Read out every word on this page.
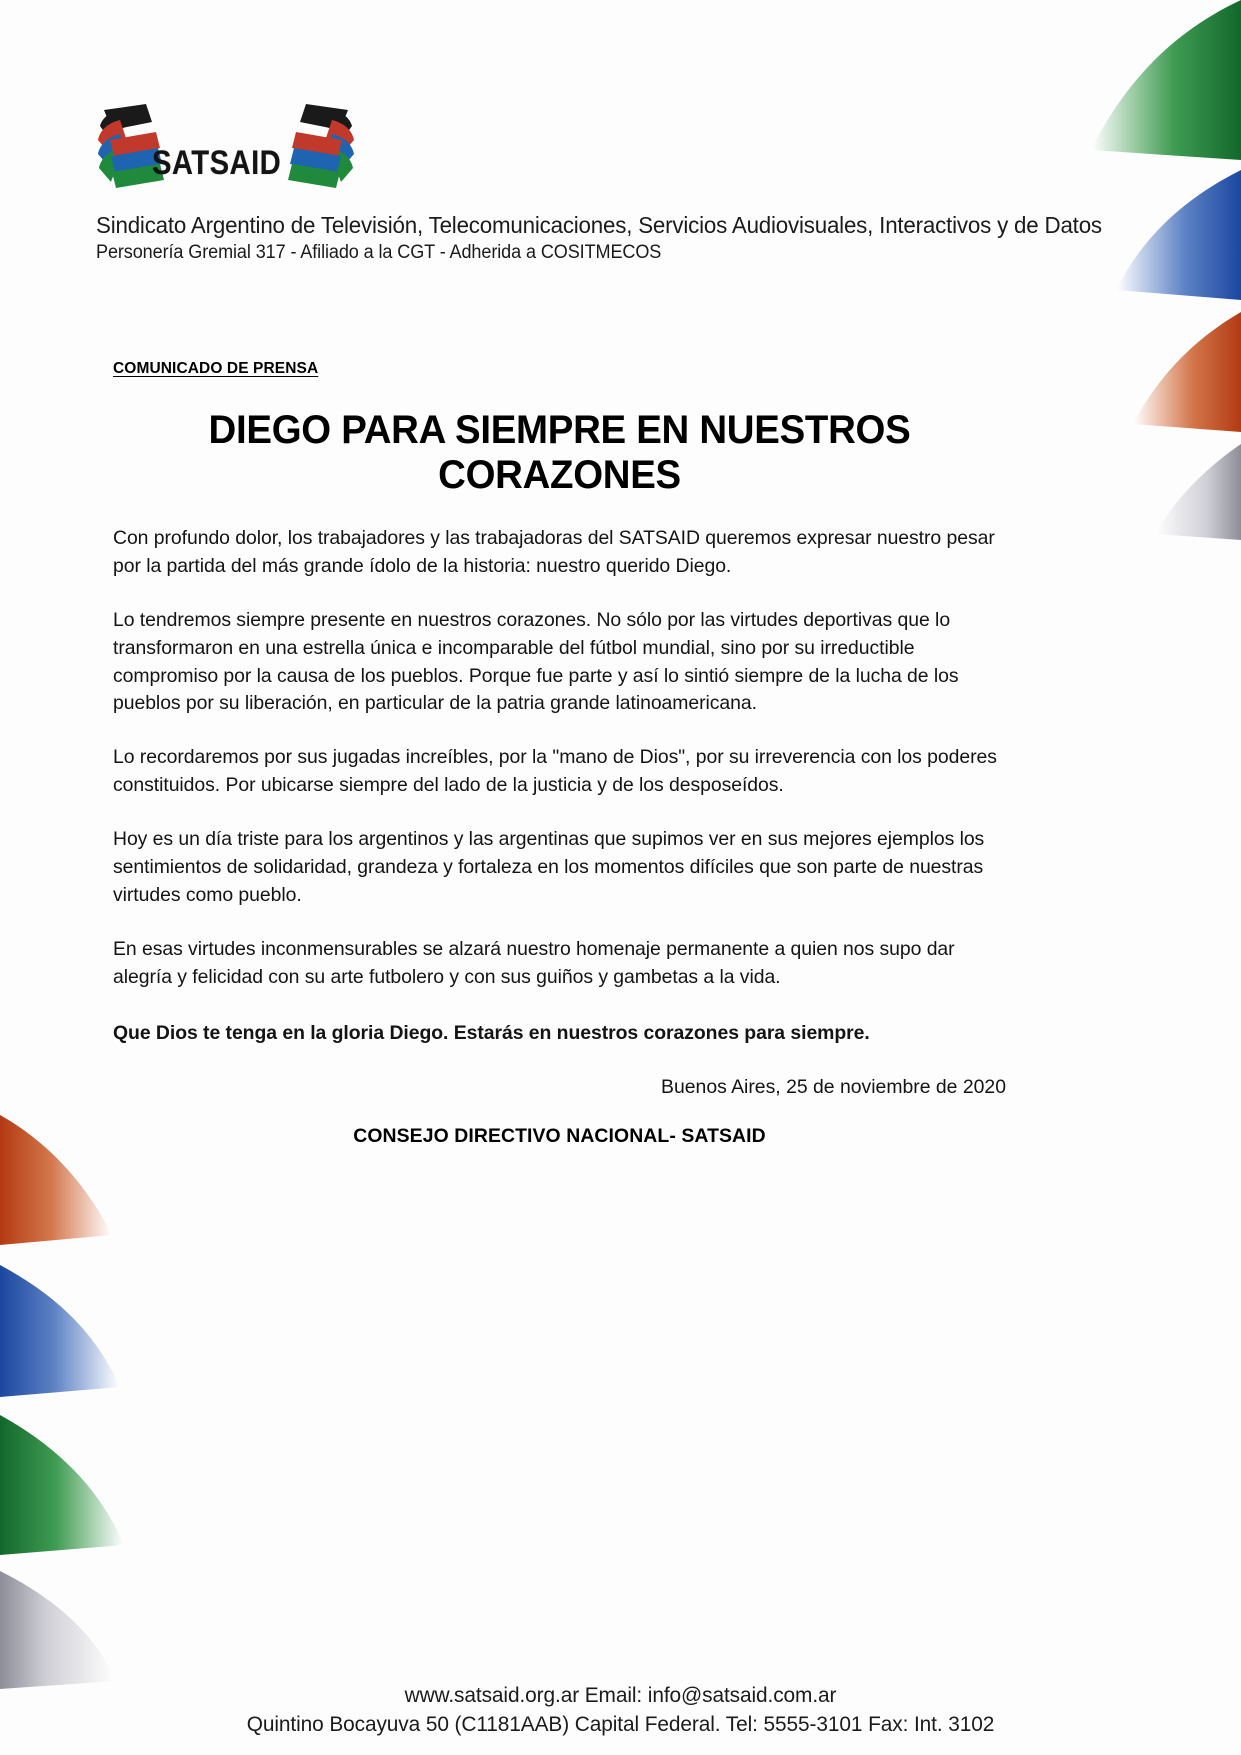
SATSAID
Sindicato Argentino de Televisión, Telecomunicaciones, Servicios Audiovisuales, Interactivos y de Datos
Personería Gremial 317 - Afiliado a la CGT - Adherida a COSITMECOS
COMUNICADO DE PRENSA
DIEGO PARA SIEMPRE EN NUESTROS CORAZONES

Con profundo dolor, los trabajadores y las trabajadoras del SATSAID queremos expresar nuestro pesar por la partida del más grande ídolo de la historia: nuestro querido Diego.

Lo tendremos siempre presente en nuestros corazones. No sólo por las virtudes deportivas que lo transformaron en una estrella única e incomparable del fútbol mundial, sino por su irreductible compromiso por la causa de los pueblos. Porque fue parte y así lo sintió siempre de la lucha de los pueblos por su liberación, en particular de la patria grande latinoamericana.

Lo recordaremos por sus jugadas increíbles, por la "mano de Dios", por su irreverencia con los poderes constituidos. Por ubicarse siempre del lado de la justicia y de los desposeídos.

Hoy es un día triste para los argentinos y las argentinas que supimos ver en sus mejores ejemplos los sentimientos de solidaridad, grandeza y fortaleza en los momentos difíciles que son parte de nuestras virtudes como pueblo.

En esas virtudes inconmensurables se alzará nuestro homenaje permanente a quien nos supo dar alegría y felicidad con su arte futbolero y con sus guiños y gambetas a la vida.

Que Dios te tenga en la gloria Diego. Estarás en nuestros corazones para siempre.

Buenos Aires, 25 de noviembre de 2020
CONSEJO DIRECTIVO NACIONAL- SATSAID
www.satsaid.org.ar Email: info@satsaid.com.ar
Quintino Bocayuva 50 (C1181AAB) Capital Federal. Tel: 5555-3101 Fax: Int. 3102
